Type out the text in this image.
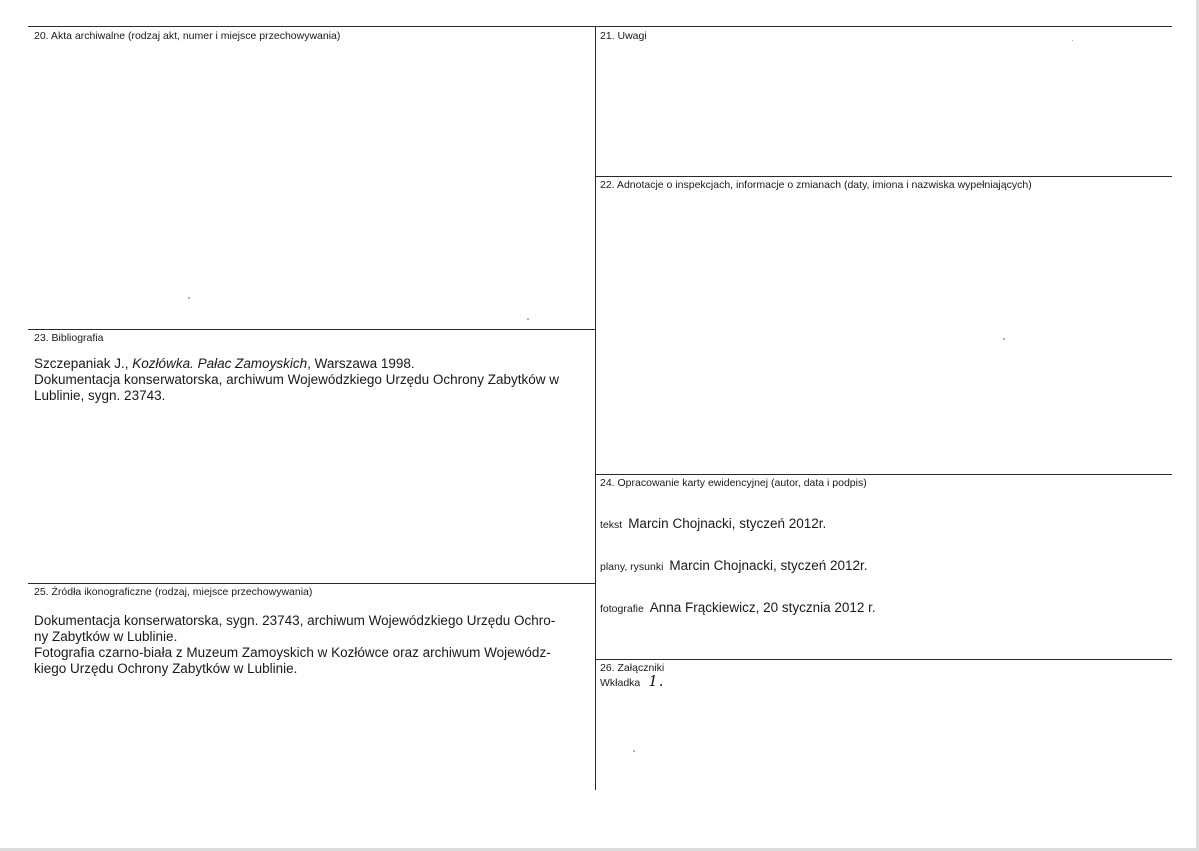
20. Akta archiwalne (rodzaj akt, numer i miejsce przechowywania)	21. Uwagi
22. Adnotacje o inspekcjach, informacje o zmianach (daty, imiona i nazwiska wypełniających)
23. Bibliografia
Szczepaniak J., Kozłówka. Pałac Zamoyskich, Warszawa 1998.
Dokumentacja konserwatorska, archiwum Wojewódzkiego Urzędu Ochrony Zabytków w
Lublinie, sygn. 23743.
24. Opracowanie karty ewidencyjnej (autor, data i podpis)
tekst Marcin Chojnacki, styczeń 2012r.
plany, rysunki Marcin Chojnacki, styczeń 2012r.
fotografie Anna Frąckiewicz, 20 stycznia 2012 r.
25. Źródła ikonograficzne (rodzaj, miejsce przechowywania)
Dokumentacja konserwatorska, sygn. 23743, archiwum Wojewódzkiego Urzędu Ochro-
ny Zabytków w Lublinie.
Fotografia czarno-biała z Muzeum Zamoyskich w Kozłówce oraz archiwum Wojewódz-
kiego Urzędu Ochrony Zabytków w Lublinie.	26. Załączniki
Wkładka 1.
